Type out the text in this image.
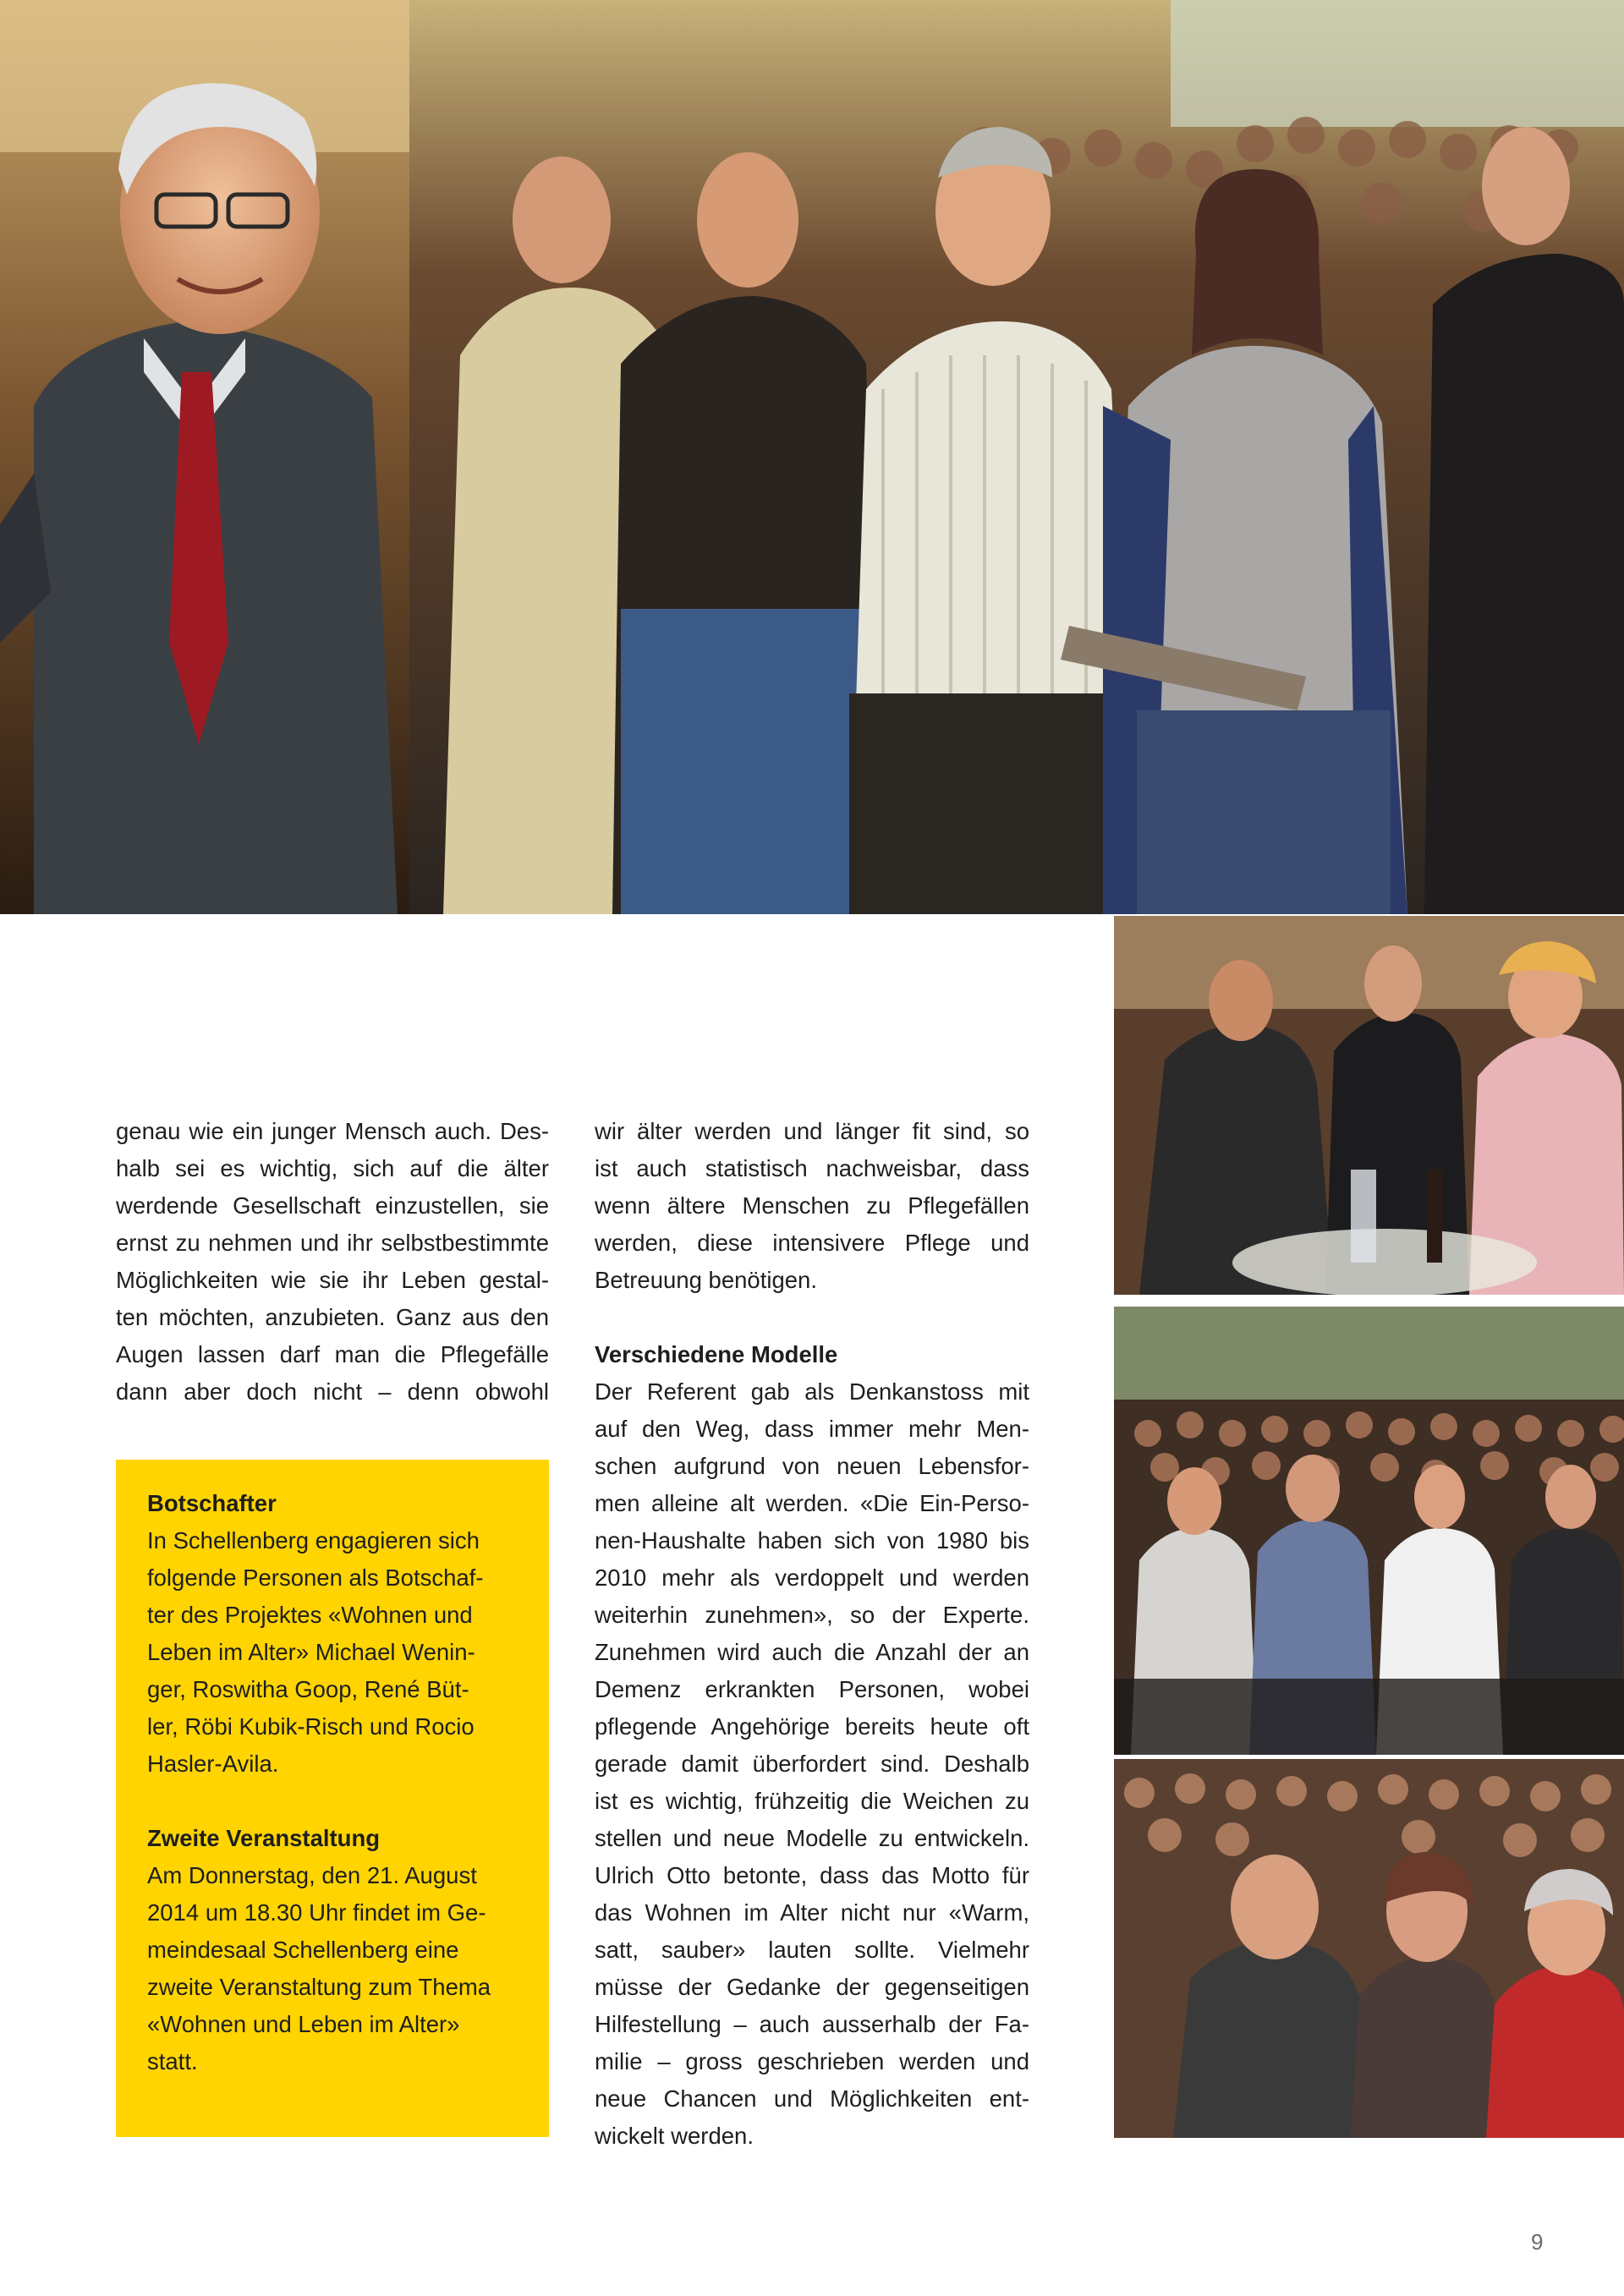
genau wie ein junger Mensch auch. Des-
halb sei es wichtig, sich auf die älter
werdende Gesellschaft einzustellen, sie
ernst zu nehmen und ihr selbstbestimmte
Möglichkeiten wie sie ihr Leben gestal-
ten möchten, anzubieten. Ganz aus den
Augen lassen darf man die Pflegefälle
dann aber doch nicht – denn obwohl
Botschafter
In Schellenberg engagieren sich
folgende Personen als Botschaf-
ter des Projektes «Wohnen und
Leben im Alter» Michael Wenin-
ger, Roswitha Goop, René Büt-
ler, Röbi Kubik-Risch und Rocio
Hasler-Avila.
Zweite Veranstaltung
Am Donnerstag, den 21. August
2014 um 18.30 Uhr findet im Ge-
meindesaal Schellenberg eine
zweite Veranstaltung zum Thema
«Wohnen und Leben im Alter»
statt.
wir älter werden und länger fit sind, so
ist auch statistisch nachweisbar, dass
wenn ältere Menschen zu Pflegefällen
werden, diese intensivere Pflege und
Betreuung benötigen.
Verschiedene Modelle
Der Referent gab als Denkanstoss mit
auf den Weg, dass immer mehr Men-
schen aufgrund von neuen Lebensfor-
men alleine alt werden. «Die Ein-Perso-
nen-Haushalte haben sich von 1980 bis
2010 mehr als verdoppelt und werden
weiterhin zunehmen», so der Experte.
Zunehmen wird auch die Anzahl der an
Demenz erkrankten Personen, wobei
pflegende Angehörige bereits heute oft
gerade damit überfordert sind. Deshalb
ist es wichtig, frühzeitig die Weichen zu
stellen und neue Modelle zu entwickeln.
Ulrich Otto betonte, dass das Motto für
das Wohnen im Alter nicht nur «Warm,
satt, sauber» lauten sollte. Vielmehr
müsse der Gedanke der gegenseitigen
Hilfestellung – auch ausserhalb der Fa-
milie – gross geschrieben werden und
neue Chancen und Möglichkeiten ent-
wickelt werden.
9
